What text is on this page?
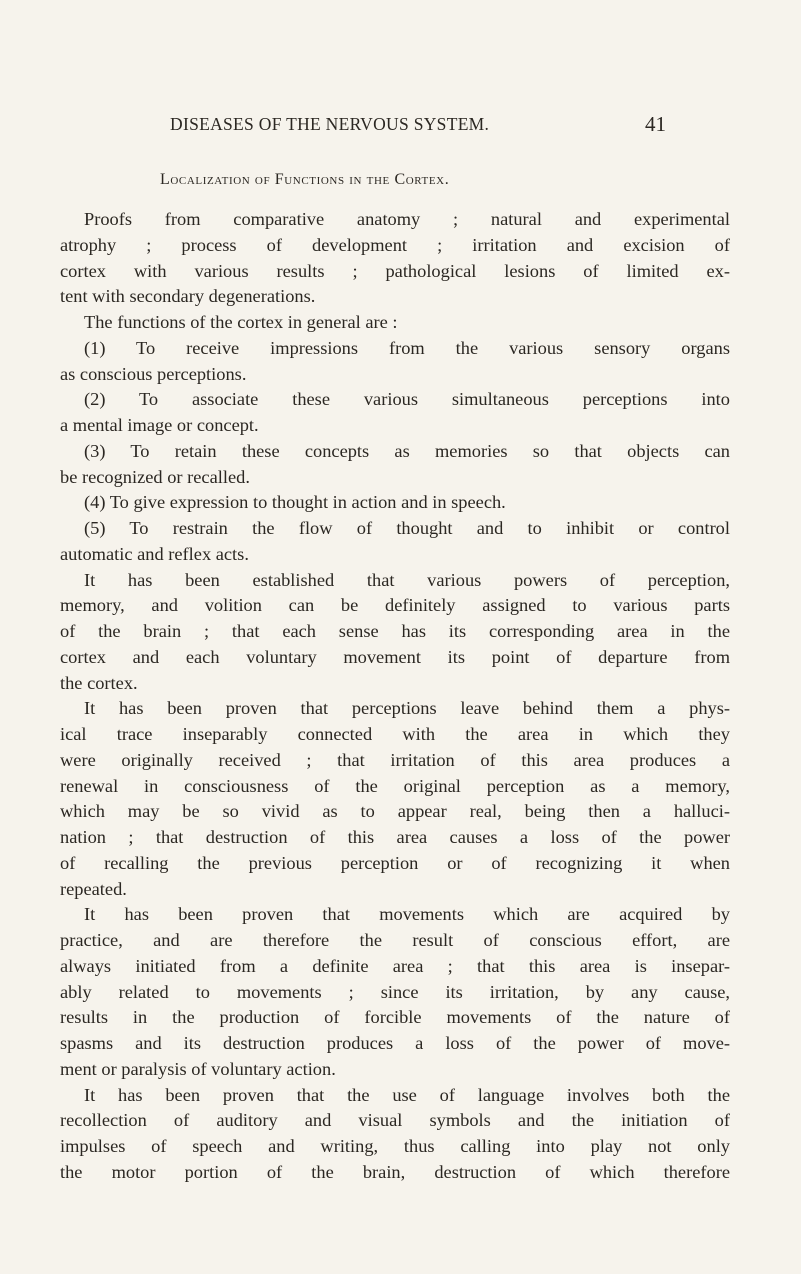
DISEASES OF THE NERVOUS SYSTEM.	41
Localization of Functions in the Cortex.
Proofs from comparative anatomy ; natural and experimental
atrophy ; process of development ; irritation and excision of
cortex with various results ; pathological lesions of limited ex-
tent with secondary degenerations.
The functions of the cortex in general are :
(1) To receive impressions from the various sensory organs
as conscious perceptions.
(2) To associate these various simultaneous perceptions into
a mental image or concept.
(3) To retain these concepts as memories so that objects can
be recognized or recalled.
(4) To give expression to thought in action and in speech.
(5) To restrain the flow of thought and to inhibit or control
automatic and reflex acts.
It has been established that various powers of perception,
memory, and volition can be definitely assigned to various parts
of the brain ; that each sense has its corresponding area in the
cortex and each voluntary movement its point of departure from
the cortex.
It has been proven that perceptions leave behind them a phys-
ical trace inseparably connected with the area in which they
were originally received ; that irritation of this area produces a
renewal in consciousness of the original perception as a memory,
which may be so vivid as to appear real, being then a halluci-
nation ; that destruction of this area causes a loss of the power
of recalling the previous perception or of recognizing it when
repeated.
It has been proven that movements which are acquired by
practice, and are therefore the result of conscious effort, are
always initiated from a definite area ; that this area is insepar-
ably related to movements ; since its irritation, by any cause,
results in the production of forcible movements of the nature of
spasms and its destruction produces a loss of the power of move-
ment or paralysis of voluntary action.
It has been proven that the use of language involves both the
recollection of auditory and visual symbols and the initiation of
impulses of speech and writing, thus calling into play not only
the motor portion of the brain, destruction of which therefore
